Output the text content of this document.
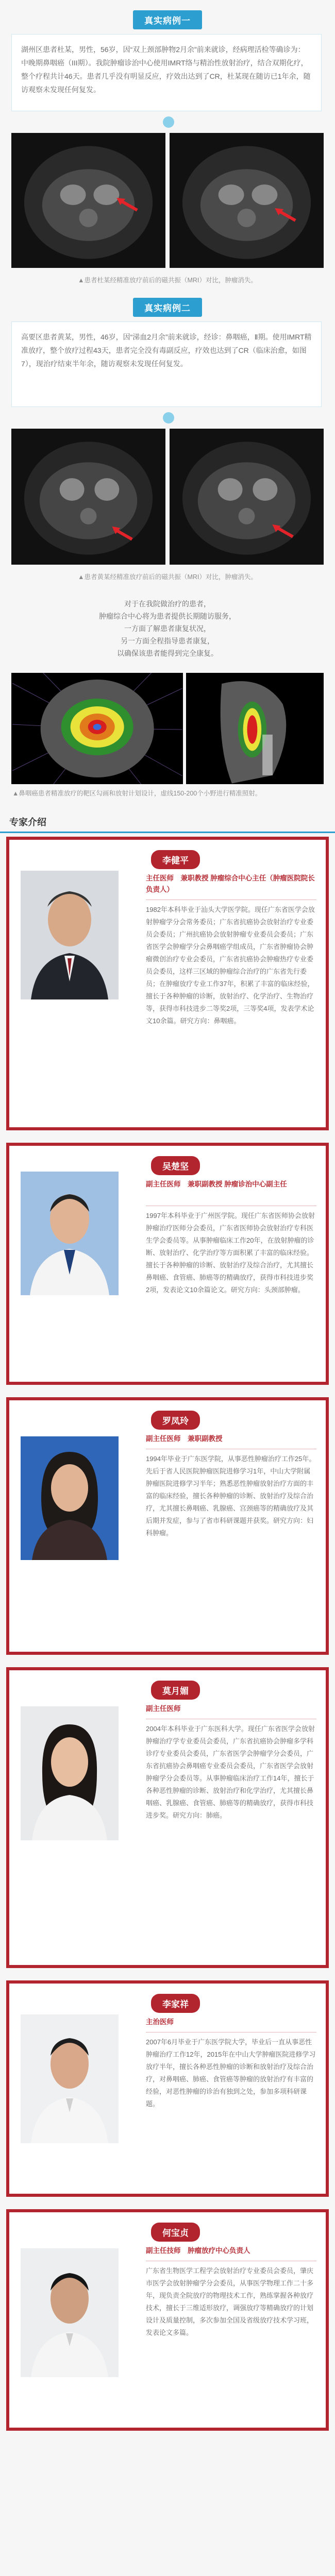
真实病例一
湖州区患者杜某，男性，56岁，因“双上颈部肿物2月余”前来就诊，经病理活检等确诊为：中晚期鼻咽癌（III期）。我院肿瘤诊治中心使用IMRT络与精治性放射治疗，结合双期化疗，整个疗程共计46天。患者几乎没有明显反应，疗效出达到了CR，杜某现在随访已1年余，随访观察未发现任何复发。
▲患者杜某经精准放疗前后的磁共振（MRI）对比，肿瘤消失。
真实病例二
高要区患者黄某，男性，46岁，因“涕血2月余”前来就诊，经诊：鼻咽癌，Ⅱ期。使用IMRT精准放疗，整个放疗过程43天，患者完全没有毒副反应，疗效也达到了CR（临床治愈，如图7），现治疗结束半年余，随访观察未发现任何复发。
▲患者黄某经精准放疗前后的磁共振（MRI）对比，肿瘤消失。
对于在我院做治疗的患者，
肿瘤综合中心将为患者提供长期随访服务，
一方面了解患者康复状况，
另一方面全程指导患者康复，
以确保该患者能得到完全康复。
▲鼻咽癌患者精准放疗的靶区勾画和放射计划设计，虚线150-200个小野进行精准照射。
专家介绍
李健平
主任医师　兼职教授 肿瘤综合中心主任（肿瘤医院院长负责人）
1982年本科毕业于汕头大学医学院。现任广东省医学会放射肿瘤学分会常务委员；广东省抗癌协会放射治疗专业委员会委员；广州抗癌协会放射肿瘤专业委员会委员；广东省医学会肿瘤学分会鼻咽癌学组成员，广东省肿瘤协会肿瘤微创治疗专业会委员，广东省抗癌协会肿瘤热疗专业委员会委员，这样三区域的肿瘤综合治疗的广东省先行委员；在肿瘤放疗专业工作37年，积累了丰富的临床经验，擅长于各种肿瘤的诊断，放射治疗、化学治疗、生物治疗等，获得市科技进步二等奖2项，三等奖4项，发表学术论文10余篇。研究方向：鼻咽癌。
吴楚坚
副主任医师　兼职副教授 肿瘤诊治中心副主任
1997年本科毕业于广州医学院。现任广东省医师协会放射肿瘤治疗医师分会委员，广东省医师协会放射治疗专科医生学会委员等。从事肿瘤临床工作20年，在放射肿瘤的诊断、放射治疗、化学治疗等方面积累了丰富的临床经验。擅长于各种肿瘤的诊断、放射治疗及综合治疗，尤其擅长鼻咽癌、食管癌、肺癌等的精确放疗，获得市科技进步奖2项，发表论文10余篇论文。研究方向：头颈部肿瘤。
罗凤玲
副主任医师　兼职副教授
1994年毕业于广东医学院，从事恶性肿瘤治疗工作25年。先后于省人民医院肿瘤医院进修学习1年，中山大学附属肿瘤医院进修学习半年；熟悉恶性肿瘤放射治疗方面的丰富的临床经验，擅长各种肿瘤的诊断、放射治疗及综合治疗，尤其擅长鼻咽癌、乳腺癌、宫颈癌等的精确放疗及其后期并发症，参与了省市科研课题并获奖。研究方向：妇科肿瘤。
莫月媚
副主任医师
2004年本科毕业于广东医科大学。现任广东省医学会放射肿瘤治疗学专业委员会委员，广东省抗癌协会肿瘤多学科诊疗专业委员会委员，广东省医学会肿瘤学分会委员，广东省抗癌协会鼻咽癌专业委员会委员，广东省医学会放射肿瘤学分会委员等。从事肿瘤临床治疗工作14年，擅长于各种恶性肿瘤的诊断、放射治疗和化学治疗，尤其擅长鼻咽癌、乳腺癌、食管癌、肺癌等的精确放疗，获得市科技进步奖。研究方向：肺癌。
李家祥
主治医师
2007年6月毕业于广东医学院大学，毕业后一直从事恶性肿瘤治疗工作12年，2015年在中山大学肿瘤医院进修学习放疗半年，擅长各种恶性肿瘤的诊断和放射治疗及综合治疗，对鼻咽癌、肺癌、食管癌等肿瘤的放射治疗有丰富的经验，对恶性肿瘤的诊治有独到之处，参加多项科研课题。
何宝贞
副主任技师　肿瘤放疗中心负责人
广东省生物医学工程学会放射治疗专业委员会委员，肇庆市医学会放射肿瘤学分会委员，从事医学物理工作二十多年，现负责全院放疗的物理技术工作，熟练掌握各种放疗技术，擅长于三维适形放疗，调强放疗等精确放疗的计划设计及质量控制，多次参加全国及省级放疗技术学习班，发表论文多篇。
